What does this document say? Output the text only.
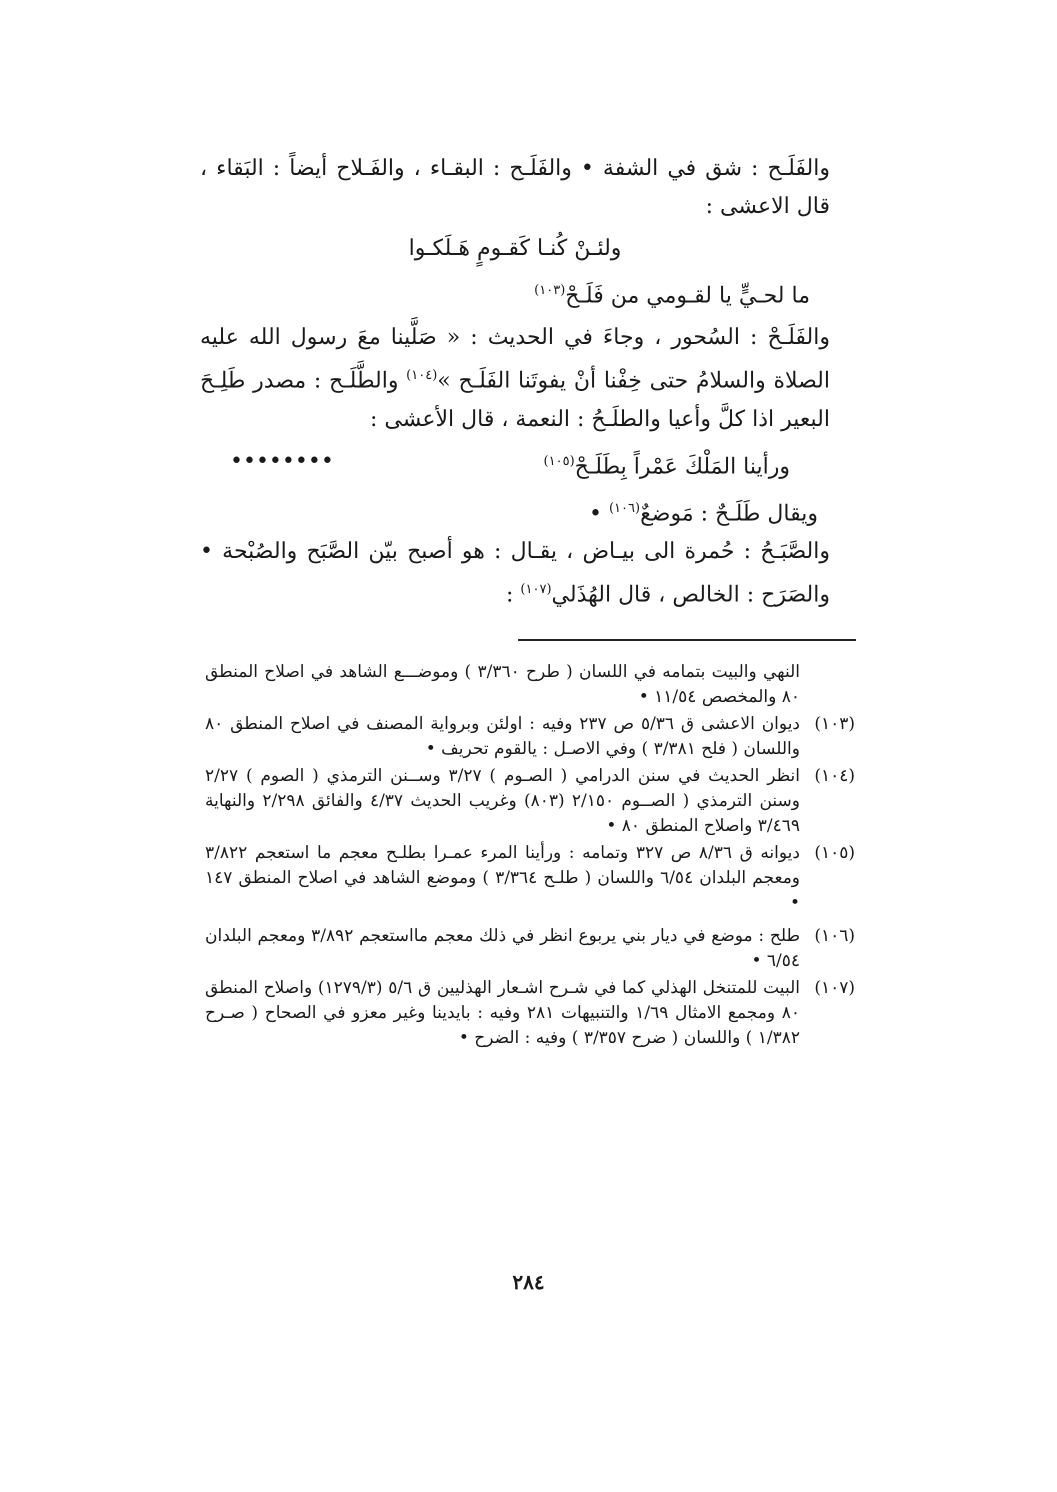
والفَلَـح : شق في الشفة • والفَلَـح : البقـاء ، والفَـلاح أيضاً : البَقاء ، قال الاعشى :

ولئـنْ كُنـا كَقـومٍ هَـلَكـوا
ما لحـيٍّ يا لقـومي من فَلَـحْ$^{(١٠٣)}$

والفَلَـحْ : السُحور ، وجاءَ في الحديث : « صَلَّينا معَ رسول الله عليه الصلاة والسلامُ حتى خِفْنا أنْ يفوتَنا الفَلَـح »$^{(١٠٤)}$ والطَّلَـح : مصدر طَلِـحَ البعير اذا كلَّ وأعيا والطلَـحُ : النعمة ، قال الأعشى :

ورأينا المَلْكَ عَمْراً بِطَلَـحْ$^{(١٠٥)}$
••••••••

ويقال طَلَـحٌ : مَوضعٌ$^{(١٠٦)}$ •

والصَّبَـحُ : حُمرة الى بيـاض ، يقـال : هو أصبح بيّن الصَّبَح والصُبْحة • والصَرَح : الخالص ، قال الهُذَلي$^{(١٠٧)}$ :

النهي والبيت بتمامه في اللسان ( طرح ٣/٣٦٠ ) وموضـــع الشاهد في اصلاح المنطق ٨٠ والمخصص ١١/٥٤ •
(١٠٣)
ديوان الاعشى ق ٥/٣٦ ص ٢٣٧ وفيه : اولئن وبرواية المصنف في اصلاح المنطق ٨٠ واللسان ( فلح ٣/٣٨١ ) وفي الاصـل : يالقوم تحريف •
(١٠٤)
انظر الحديث في سنن الدرامي ( الصـوم ) ٣/٢٧ وســنن الترمذي ( الصوم ) ٢/٢٧ وسنن الترمذي ( الصــوم ٢/١٥٠ (٨٠٣) وغريب الحديث ٤/٣٧ والفائق ٢/٢٩٨ والنهاية ٣/٤٦٩ واصلاح المنطق ٨٠ •
(١٠٥)
ديوانه ق ٨/٣٦ ص ٣٢٧ وتمامه : ورأينا المرء عمـرا بطلـح معجم ما استعجم ٣/٨٢٢ ومعجم البلدان ٦/٥٤ واللسان ( طلـح ٣/٣٦٤ ) وموضع الشاهد في اصلاح المنطق ١٤٧ •
(١٠٦)
طلح : موضع في ديار بني يربوع انظر في ذلك معجم مااستعجم ٣/٨٩٢ ومعجم البلدان ٦/٥٤ •
(١٠٧)
البيت للمتنخل الهذلي كما في شـرح اشـعار الهذليين ق ٥/٦ (١٢٧٩/٣) واصلاح المنطق ٨٠ ومجمع الامثال ١/٦٩ والتنبيهات ٢٨١ وفيه : بايدينا وغير معزو في الصحاح ( صـرح ١/٣٨٢ ) واللسان ( ضرح ٣/٣٥٧ ) وفيه : الضرح •
٢٨٤
